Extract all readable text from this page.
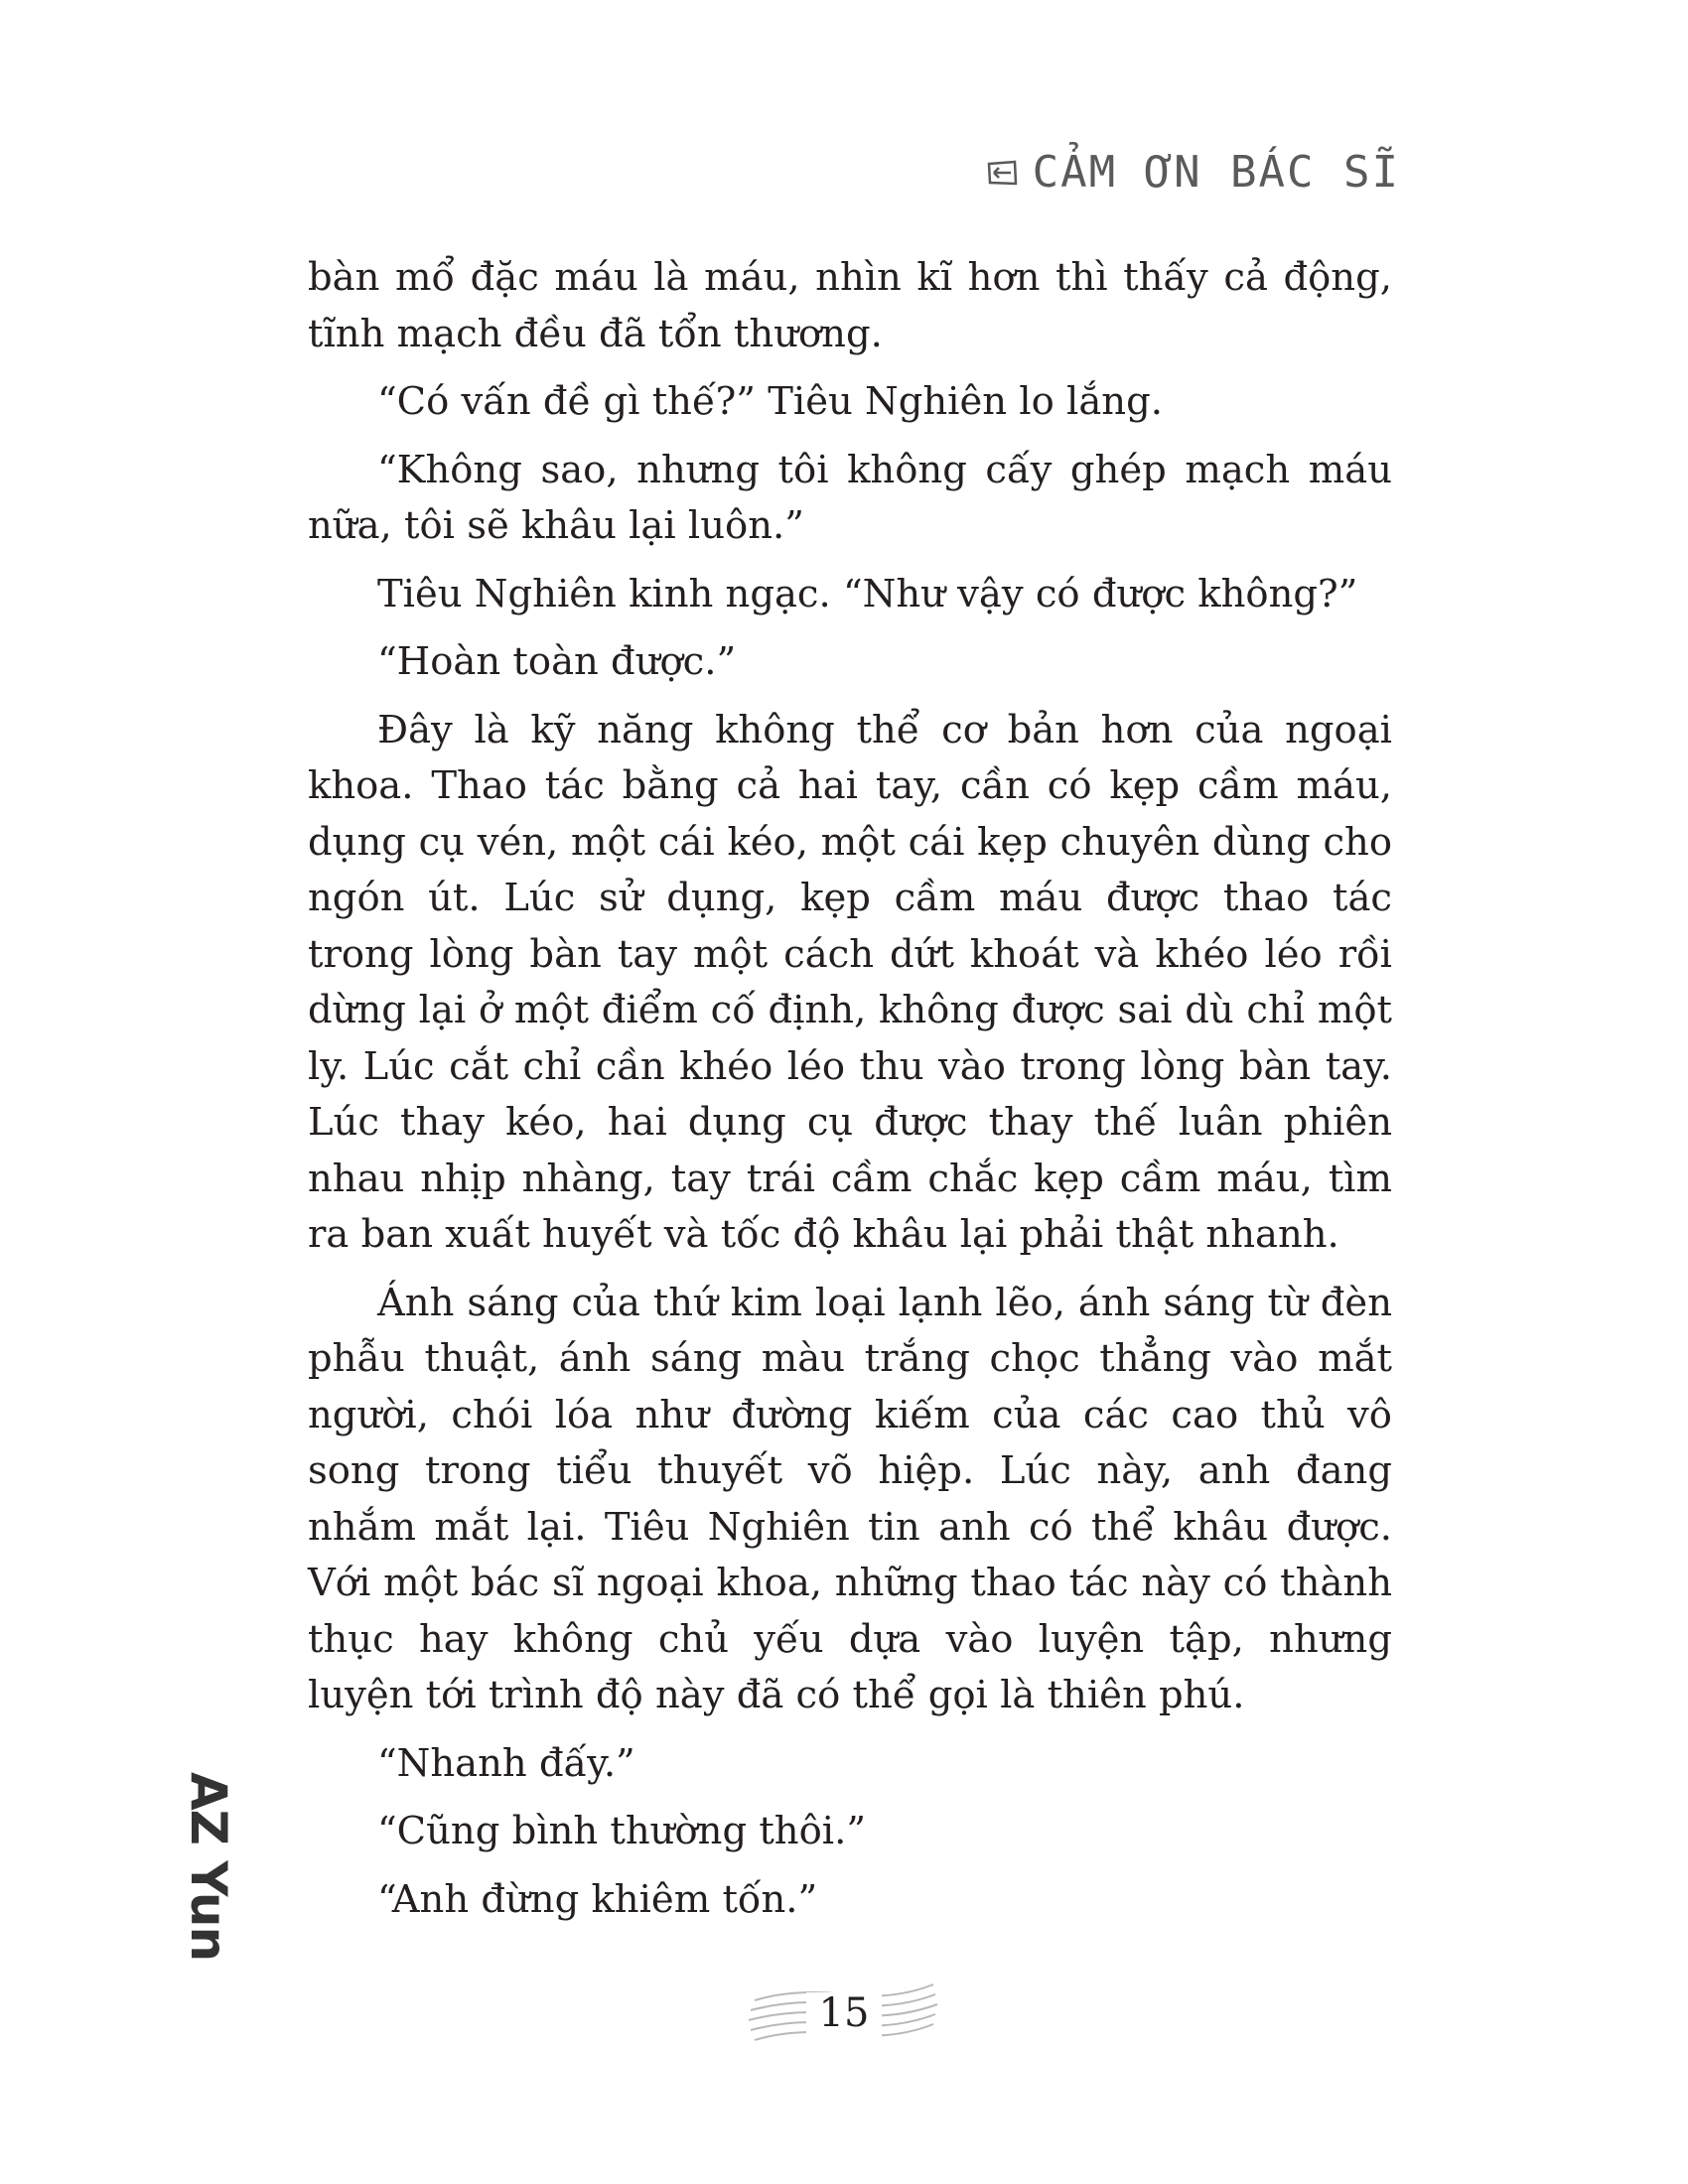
CẢM ƠN BÁC SĨ

bàn mổ đặc máu là máu, nhìn kĩ hơn thì thấy cả động, tĩnh mạch đều đã tổn thương.

“Có vấn đề gì thế?” Tiêu Nghiên lo lắng.

“Không sao, nhưng tôi không cấy ghép mạch máu nữa, tôi sẽ khâu lại luôn.”

Tiêu Nghiên kinh ngạc. “Như vậy có được không?”

“Hoàn toàn được.”

Đây là kỹ năng không thể cơ bản hơn của ngoại khoa. Thao tác bằng cả hai tay, cần có kẹp cầm máu, dụng cụ vén, một cái kéo, một cái kẹp chuyên dùng cho ngón út. Lúc sử dụng, kẹp cầm máu được thao tác trong lòng bàn tay một cách dứt khoát và khéo léo rồi dừng lại ở một điểm cố định, không được sai dù chỉ một ly. Lúc cắt chỉ cần khéo léo thu vào trong lòng bàn tay. Lúc thay kéo, hai dụng cụ được thay thế luân phiên nhau nhịp nhàng, tay trái cầm chắc kẹp cầm máu, tìm ra ban xuất huyết và tốc độ khâu lại phải thật nhanh.

Ánh sáng của thứ kim loại lạnh lẽo, ánh sáng từ đèn phẫu thuật, ánh sáng màu trắng chọc thẳng vào mắt người, chói lóa như đường kiếm của các cao thủ vô song trong tiểu thuyết võ hiệp. Lúc này, anh đang nhắm mắt lại. Tiêu Nghiên tin anh có thể khâu được. Với một bác sĩ ngoại khoa, những thao tác này có thành thục hay không chủ yếu dựa vào luyện tập, nhưng luyện tới trình độ này đã có thể gọi là thiên phú.

“Nhanh đấy.”

“Cũng bình thường thôi.”

“Anh đừng khiêm tốn.”

AZ Yun
15
